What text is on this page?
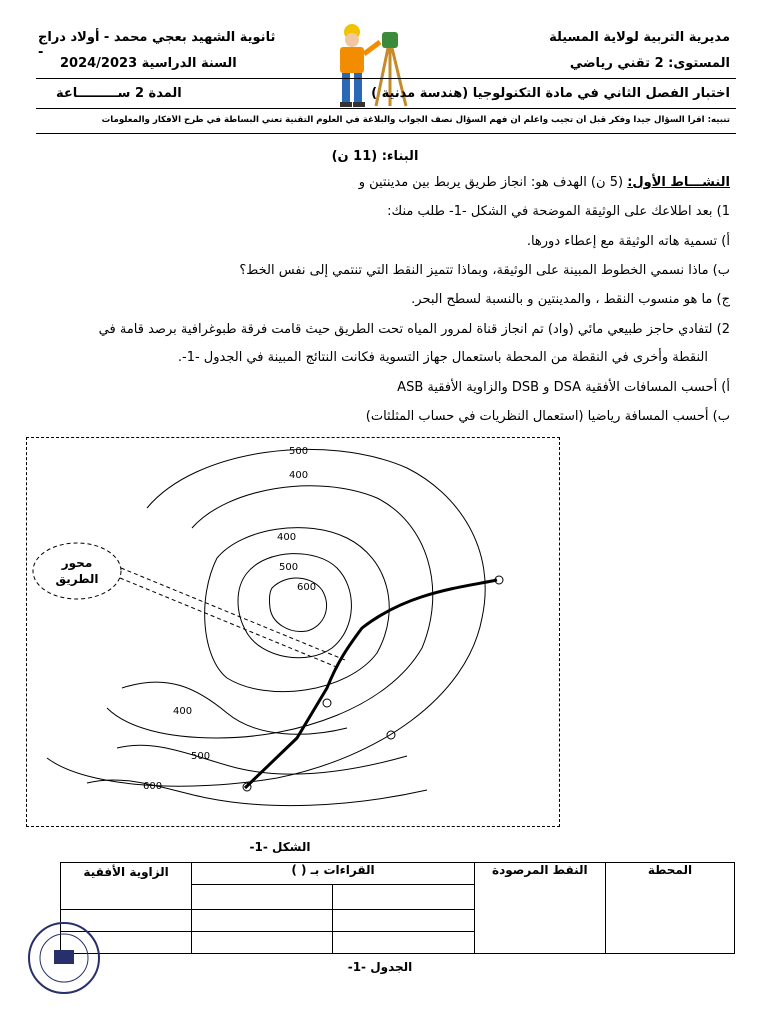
مديرية التربية لولاية المسيلة
المستوى: 2 تقني رياضي
ثانوية الشهيد بعجي محمد - أولاد دراج -
السنة الدراسية 2024/2023
اختبار الفصل الثاني في مادة التكنولوجيا (هندسة مدنية )
المدة 2 ســـــــــاعة
تنبيه: اقرأ السؤال جيدا وفكر قبل أن تجيب واعلم أن فهم السؤال نصف الجواب والبلاغة في العلوم التقنية تعني البساطة في طرح الأفكار والمعلومات
البناء: (11 ن)
النشـــاط الأول: (5 ن) الهدف هو: انجاز طريق يربط بين مدينتين و
1) بعد اطلاعك على الوثيقة الموضحة في الشكل -1- طلب منك:
أ) تسمية هاته الوثيقة مع إعطاء دورها.
ب) ماذا نسمي الخطوط المبينة على الوثيقة، وبماذا تتميز النقط التي تنتمي إلى نفس الخط؟
ج) ما هو منسوب النقط ، والمدينتين و بالنسبة لسطح البحر.
2) لتفادي حاجز طبيعي مائي (واد) تم انجاز قناة لمرور المياه تحت الطريق حيث قامت فرقة طبوغرافية برصد قامة في
النقطة وأخرى في النقطة من المحطة باستعمال جهاز التسوية فكانت النتائج المبينة في الجدول -1-.
أ) أحسب المسافات الأفقية DSA و DSB والزاوية الأفقية ASB
ب) أحسب المسافة رياضيا (استعمال النظريات في حساب المثلثات)
محور الطريق
500
400
400
500
600
400
500
600
الشكل -1-
المحطة	النقط المرصودة	القراءات بـ ( )		الزاوية الأفقية

الجدول -1-
